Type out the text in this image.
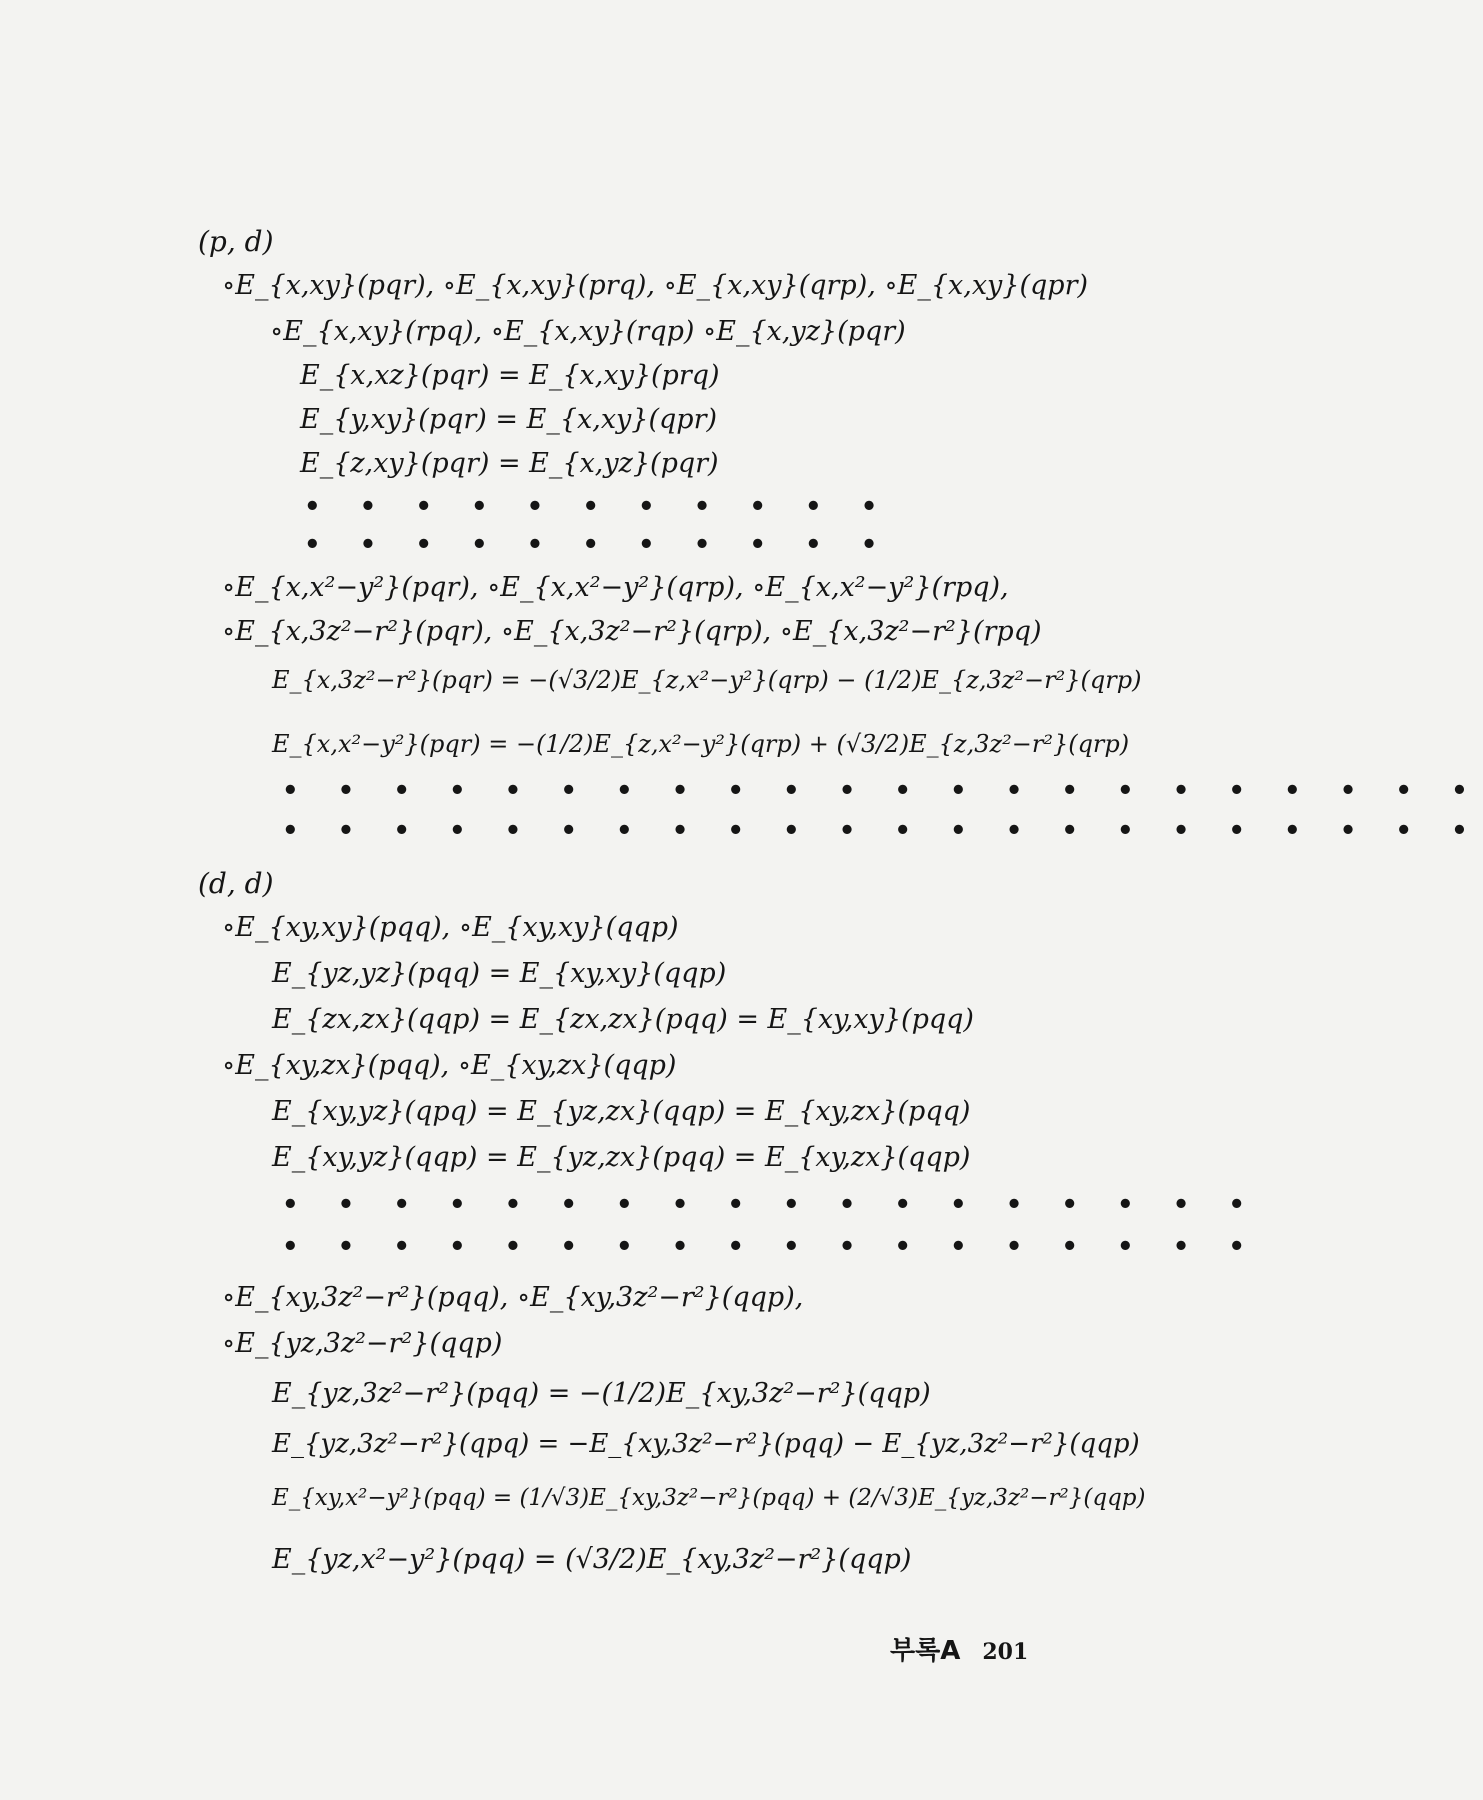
(p, d)
∘E_{x,xy}(pqr), ∘E_{x,xy}(prq), ∘E_{x,xy}(qrp), ∘E_{x,xy}(qpr)
∘E_{x,xy}(rpq), ∘E_{x,xy}(rqp) ∘E_{x,yz}(pqr)
E_{x,xz}(pqr) = E_{x,xy}(prq)
E_{y,xy}(pqr) = E_{x,xy}(qpr)
E_{z,xy}(pqr) = E_{x,yz}(pqr)
• • • • • • • • • • •
• • • • • • • • • • •
∘E_{x,x²−y²}(pqr), ∘E_{x,x²−y²}(qrp), ∘E_{x,x²−y²}(rpq),
∘E_{x,3z²−r²}(pqr), ∘E_{x,3z²−r²}(qrp), ∘E_{x,3z²−r²}(rpq)
E_{x,3z²−r²}(pqr) = −(√3/2)E_{z,x²−y²}(qrp) − (1/2)E_{z,3z²−r²}(qrp)
E_{x,x²−y²}(pqr) = −(1/2)E_{z,x²−y²}(qrp) + (√3/2)E_{z,3z²−r²}(qrp)
• • • • • • • • • • • • • • • • • • • • • •
• • • • • • • • • • • • • • • • • • • • • •
(d, d)
∘E_{xy,xy}(pqq), ∘E_{xy,xy}(qqp)
E_{yz,yz}(pqq) = E_{xy,xy}(qqp)
E_{zx,zx}(qqp) = E_{zx,zx}(pqq) = E_{xy,xy}(pqq)
∘E_{xy,zx}(pqq), ∘E_{xy,zx}(qqp)
E_{xy,yz}(qpq) = E_{yz,zx}(qqp) = E_{xy,zx}(pqq)
E_{xy,yz}(qqp) = E_{yz,zx}(pqq) = E_{xy,zx}(qqp)
• • • • • • • • • • • • • • • • • •
• • • • • • • • • • • • • • • • • •
∘E_{xy,3z²−r²}(pqq), ∘E_{xy,3z²−r²}(qqp),
∘E_{yz,3z²−r²}(qqp)
E_{yz,3z²−r²}(pqq) = −(1/2)E_{xy,3z²−r²}(qqp)
E_{yz,3z²−r²}(qpq) = −E_{xy,3z²−r²}(pqq) − E_{yz,3z²−r²}(qqp)
E_{xy,x²−y²}(pqq) = (1/√3)E_{xy,3z²−r²}(pqq) + (2/√3)E_{yz,3z²−r²}(qqp)
E_{yz,x²−y²}(pqq) = (√3/2)E_{xy,3z²−r²}(qqp)
부록A 201
